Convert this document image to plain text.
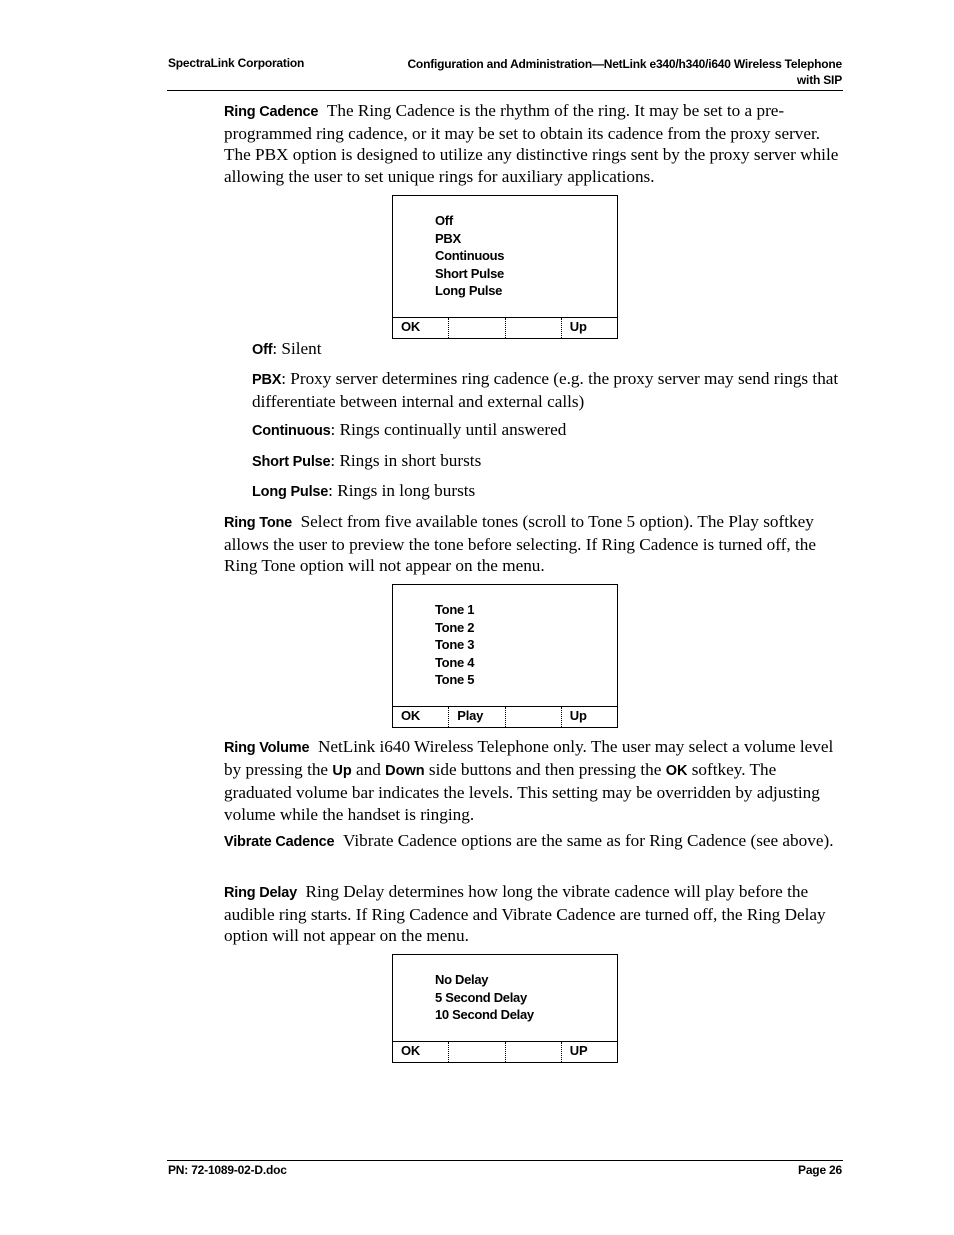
SpectraLink Corporation	Configuration and Administration—NetLink e340/h340/i640 Wireless Telephone
with SIP

Ring Cadence The Ring Cadence is the rhythm of the ring. It may be set to a pre-programmed ring cadence, or it may be set to obtain its cadence from the proxy server. The PBX option is designed to utilize any distinctive rings sent by the proxy server while allowing the user to set unique rings for auxiliary applications.

Off
PBX
Continuous
Short Pulse
Long Pulse
OK	Up

Off: Silent

PBX: Proxy server determines ring cadence (e.g. the proxy server may send rings that differentiate between internal and external calls)

Continuous: Rings continually until answered

Short Pulse: Rings in short bursts

Long Pulse: Rings in long bursts

Ring Tone Select from five available tones (scroll to Tone 5 option). The Play softkey allows the user to preview the tone before selecting. If Ring Cadence is turned off, the Ring Tone option will not appear on the menu.

Tone 1
Tone 2
Tone 3
Tone 4
Tone 5
OK	Play	Up

Ring Volume NetLink i640 Wireless Telephone only. The user may select a volume level by pressing the Up and Down side buttons and then pressing the OK softkey. The graduated volume bar indicates the levels. This setting may be overridden by adjusting volume while the handset is ringing.

Vibrate Cadence Vibrate Cadence options are the same as for Ring Cadence (see above).

Ring Delay Ring Delay determines how long the vibrate cadence will play before the audible ring starts. If Ring Cadence and Vibrate Cadence are turned off, the Ring Delay option will not appear on the menu.

No Delay
5 Second Delay
10 Second Delay
OK	UP
PN: 72-1089-02-D.doc	Page 26
